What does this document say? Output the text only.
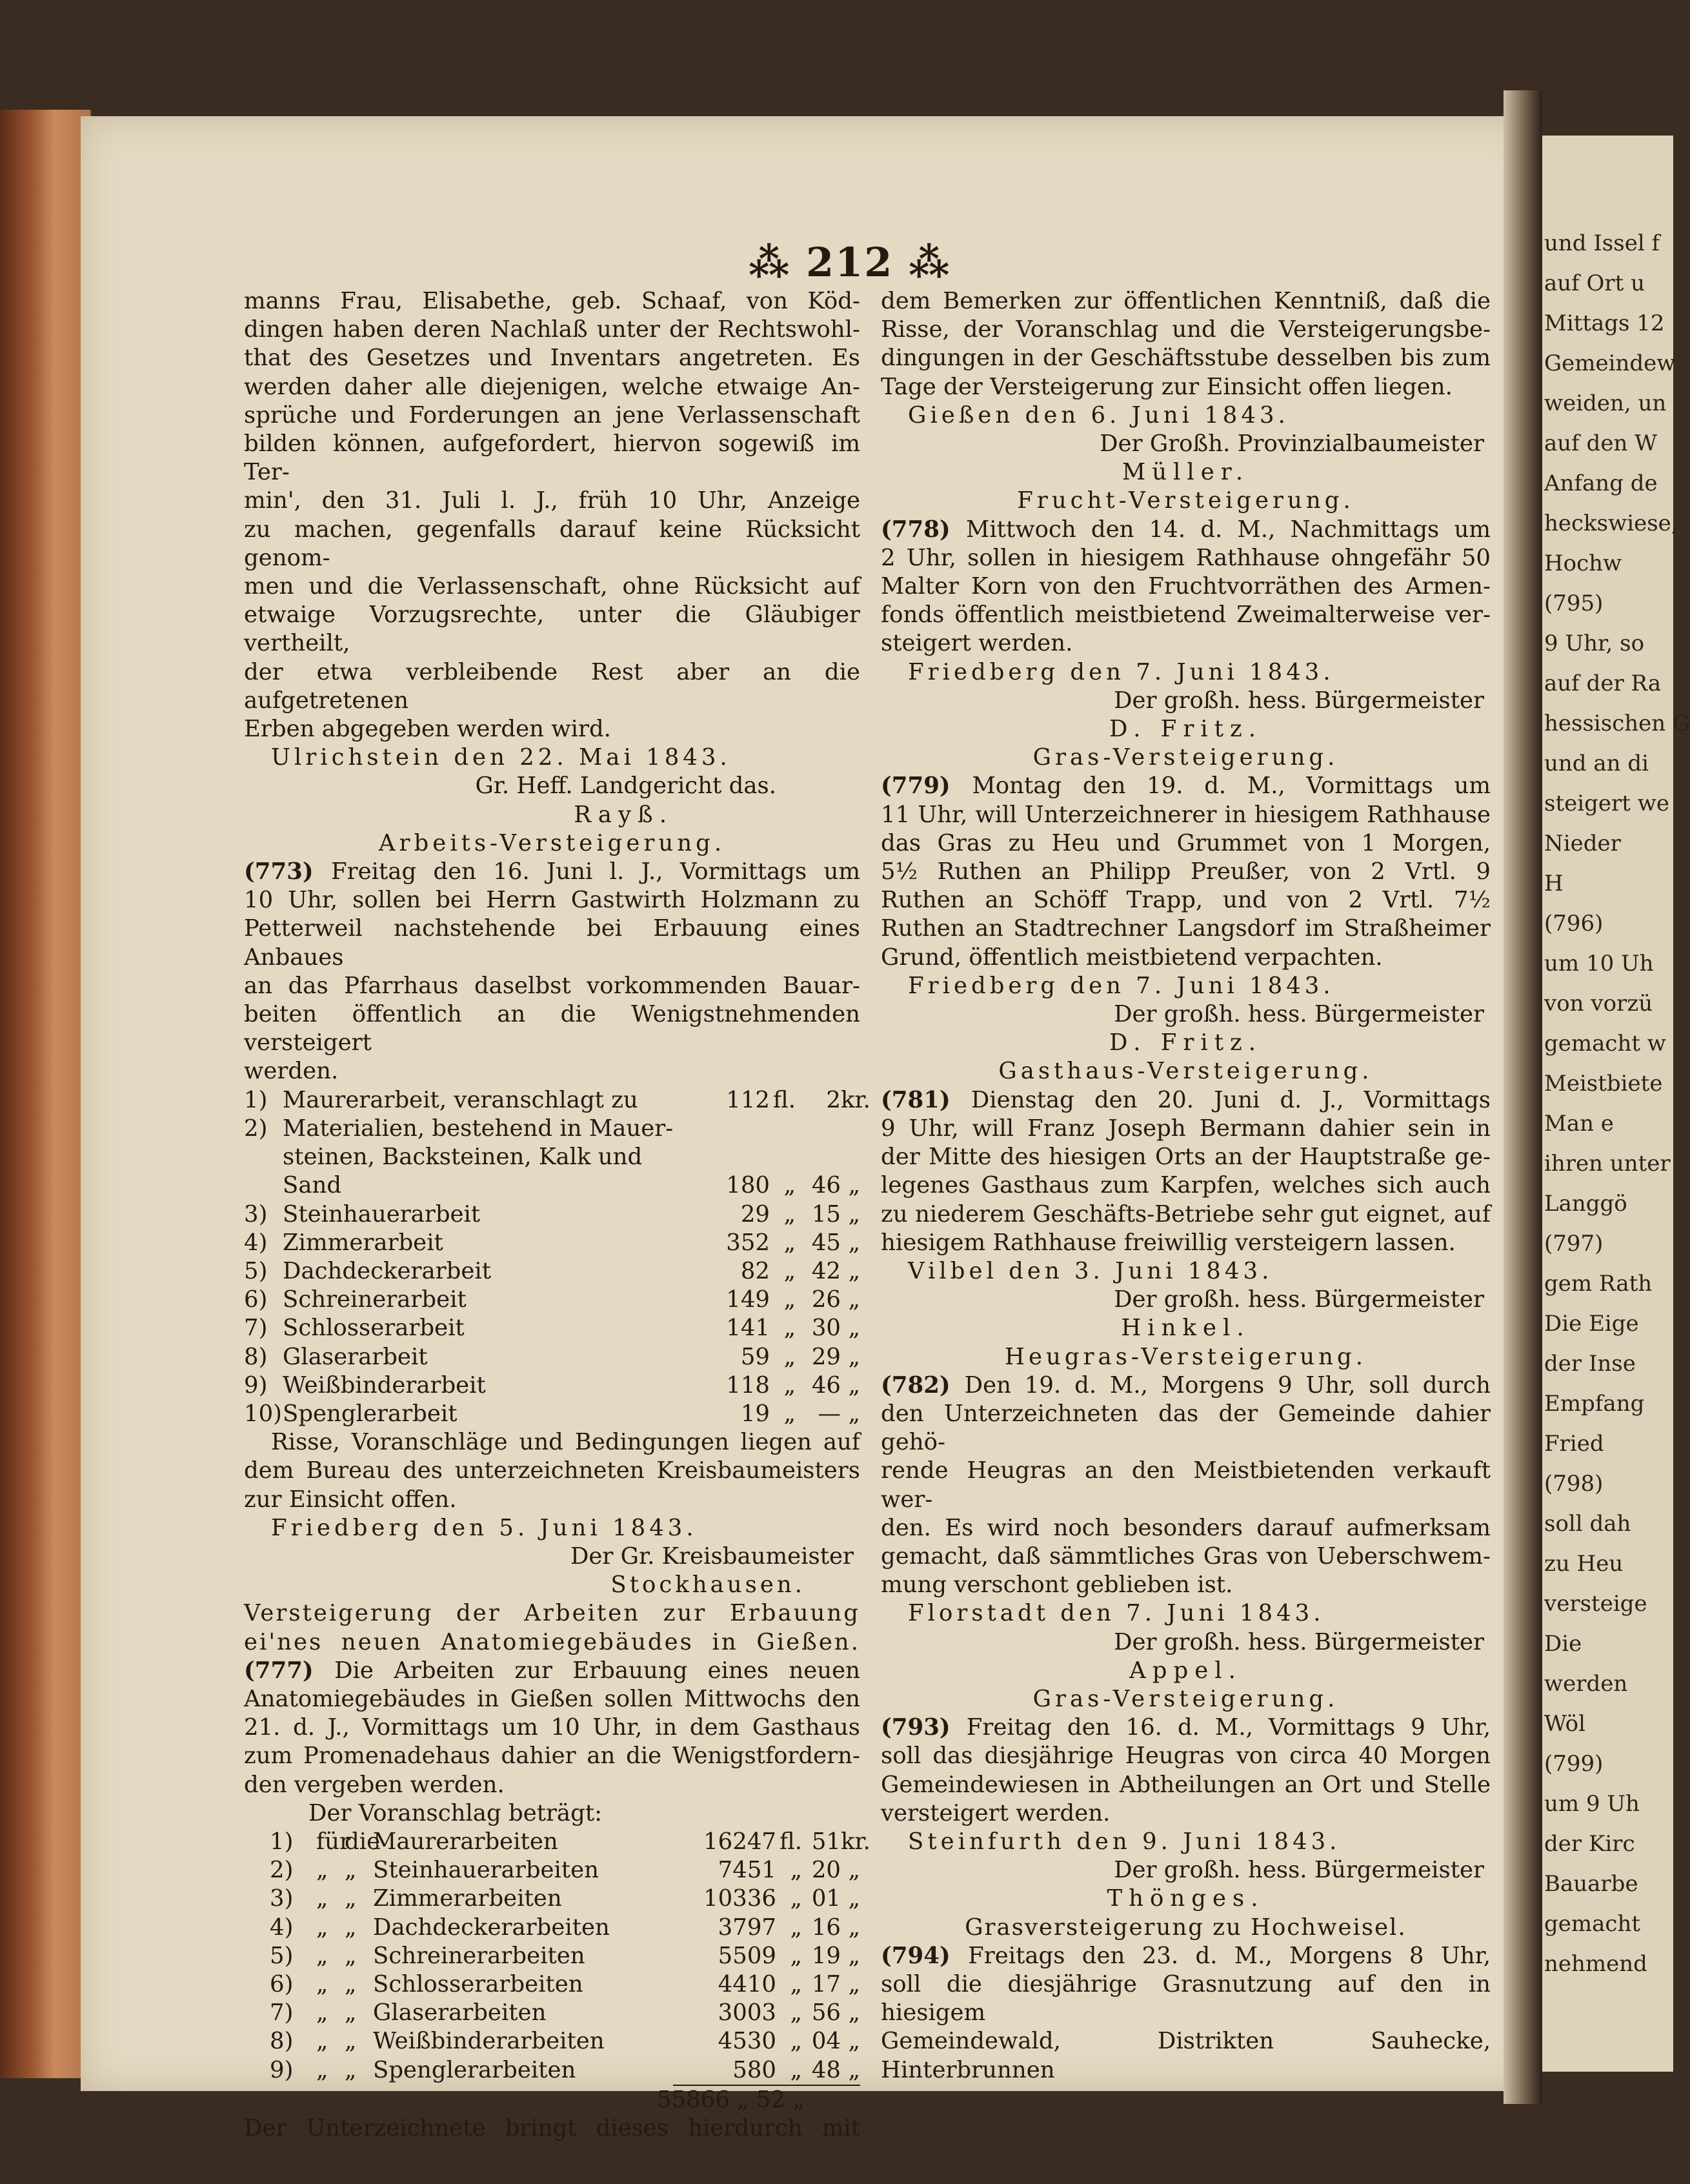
und Issel f
auf Ort u
Mittags 12
Gemeindew
weiden, un
auf den W
Anfang de
heckswiese,
Hochw
(795)
9 Uhr, so
auf der Ra
hessischen G
und an di
steigert we
Nieder
H
(796)
um 10 Uh
von vorzü
gemacht w
Meistbiete
Man e
ihren unter
Langgö
(797)
gem Rath
Die Eige
der Inse
Empfang
Fried
(798)
soll dah
zu Heu
versteige
Die
werden
Wöl
(799)
um 9 Uh
der Kirc
Bauarbe
gemacht
nehmend
⁂ 212 ⁂

manns Frau, Elisabethe, geb. Schaaf, von Köd-

dingen haben deren Nachlaß unter der Rechtswohl-

that des Gesetzes und Inventars angetreten. Es

werden daher alle diejenigen, welche etwaige An-

sprüche und Forderungen an jene Verlassenschaft

bilden können, aufgefordert, hiervon sogewiß im Ter-

min', den 31. Juli l. J., früh 10 Uhr, Anzeige

zu machen, gegenfalls darauf keine Rücksicht genom-

men und die Verlassenschaft, ohne Rücksicht auf

etwaige Vorzugsrechte, unter die Gläubiger vertheilt,

der etwa verbleibende Rest aber an die aufgetretenen

Erben abgegeben werden wird.

Ulrichstein den 22. Mai 1843.

Gr. Heff. Landgericht das.

Rayß.

Arbeits-Versteigerung.

(773) Freitag den 16. Juni l. J., Vormittags um

10 Uhr, sollen bei Herrn Gastwirth Holzmann zu

Petterweil nachstehende bei Erbauung eines Anbaues

an das Pfarrhaus daselbst vorkommenden Bauar-

beiten öffentlich an die Wenigstnehmenden versteigert

werden.

1) Maurerarbeit, veranschlagt zu	112 fl.	2 kr.
2) Materialien, bestehend in Mauer-
steinen, Backsteinen, Kalk und
Sand	180 „ 46 „
3) Steinhauerarbeit	29 „ 15 „
4) Zimmerarbeit	352 „ 45 „
5) Dachdeckerarbeit	82 „ 42 „
6) Schreinerarbeit	149 „ 26 „
7) Schlosserarbeit	141 „ 30 „
8) Glaserarbeit	59 „ 29 „
9) Weißbinderarbeit	118 „ 46 „
10) Spenglerarbeit	19 „ — „

Risse, Voranschläge und Bedingungen liegen auf

dem Bureau des unterzeichneten Kreisbaumeisters

zur Einsicht offen.

Friedberg den 5. Juni 1843.

Der Gr. Kreisbaumeister

Stockhausen.

Versteigerung der Arbeiten zur Erbauung

ei'nes neuen Anatomiegebäudes in Gießen.

(777) Die Arbeiten zur Erbauung eines neuen

Anatomiegebäudes in Gießen sollen Mittwochs den

21. d. J., Vormittags um 10 Uhr, in dem Gasthaus

zum Promenadehaus dahier an die Wenigstfordern-

den vergeben werden.

Der Voranschlag beträgt:

1)	für
die
Maurerarbeiten	16247 fl. 51 kr.
2)	„ „ Steinhauerarbeiten	7451 „ 20 „
3)	„ „ Zimmerarbeiten	10336 „ 01 „
4)	„ „ Dachdeckerarbeiten	3797 „ 16 „
5)	„ „ Schreinerarbeiten	5509 „ 19 „
6)	„ „ Schlosserarbeiten	4410 „ 17 „
7)	„ „ Glaserarbeiten	3003 „ 56 „
8)	„ „ Weißbinderarbeiten	4530 „ 04 „
9)	„ „ Spenglerarbeiten	580 „ 48 „

55866 „ 52 „

Der Unterzeichnete bringt dieses hierdurch mit

dem Bemerken zur öffentlichen Kenntniß, daß die

Risse, der Voranschlag und die Versteigerungsbe-

dingungen in der Geschäftsstube desselben bis zum

Tage der Versteigerung zur Einsicht offen liegen.

Gießen den 6. Juni 1843.

Der Großh. Provinzialbaumeister

Müller.

Frucht-Versteigerung.

(778) Mittwoch den 14. d. M., Nachmittags um

2 Uhr, sollen in hiesigem Rathhause ohngefähr 50

Malter Korn von den Fruchtvorräthen des Armen-

fonds öffentlich meistbietend Zweimalterweise ver-

steigert werden.

Friedberg den 7. Juni 1843.

Der großh. hess. Bürgermeister

D. Fritz.

Gras-Versteigerung.

(779) Montag den 19. d. M., Vormittags um

11 Uhr, will Unterzeichnerer in hiesigem Rathhause

das Gras zu Heu und Grummet von 1 Morgen,

5½ Ruthen an Philipp Preußer, von 2 Vrtl. 9

Ruthen an Schöff Trapp, und von 2 Vrtl. 7½

Ruthen an Stadtrechner Langsdorf im Straßheimer

Grund, öffentlich meistbietend verpachten.

Friedberg den 7. Juni 1843.

Der großh. hess. Bürgermeister

D. Fritz.

Gasthaus-Versteigerung.

(781) Dienstag den 20. Juni d. J., Vormittags

9 Uhr, will Franz Joseph Bermann dahier sein in

der Mitte des hiesigen Orts an der Hauptstraße ge-

legenes Gasthaus zum Karpfen, welches sich auch

zu niederem Geschäfts-Betriebe sehr gut eignet, auf

hiesigem Rathhause freiwillig versteigern lassen.

Vilbel den 3. Juni 1843.

Der großh. hess. Bürgermeister

Hinkel.

Heugras-Versteigerung.

(782) Den 19. d. M., Morgens 9 Uhr, soll durch

den Unterzeichneten das der Gemeinde dahier gehö-

rende Heugras an den Meistbietenden verkauft wer-

den. Es wird noch besonders darauf aufmerksam

gemacht, daß sämmtliches Gras von Ueberschwem-

mung verschont geblieben ist.

Florstadt den 7. Juni 1843.

Der großh. hess. Bürgermeister

Appel.

Gras-Versteigerung.

(793) Freitag den 16. d. M., Vormittags 9 Uhr,

soll das diesjährige Heugras von circa 40 Morgen

Gemeindewiesen in Abtheilungen an Ort und Stelle

versteigert werden.

Steinfurth den 9. Juni 1843.

Der großh. hess. Bürgermeister

Thönges.

Grasversteigerung zu Hochweisel.

(794) Freitags den 23. d. M., Morgens 8 Uhr,

soll die diesjährige Grasnutzung auf den in hiesigem

Gemeindewald, Distrikten Sauhecke, Hinterbrunnen
